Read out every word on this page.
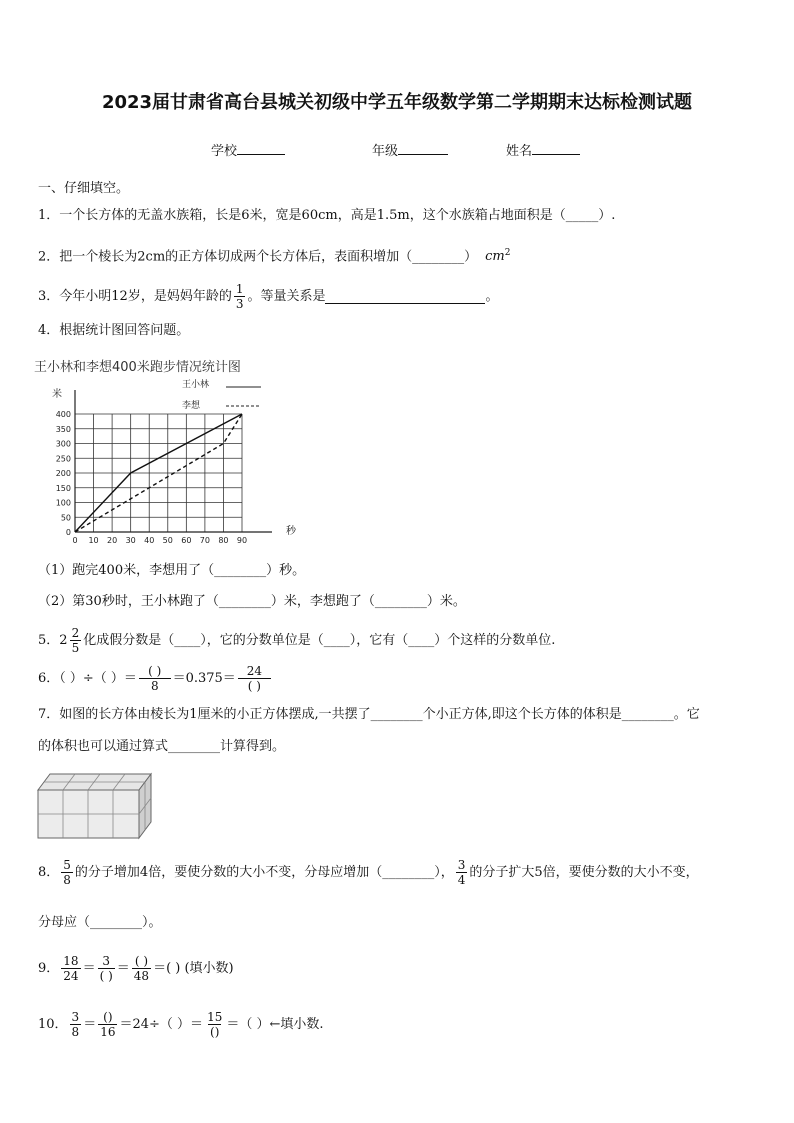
2023届甘肃省高台县城关初级中学五年级数学第二学期期末达标检测试题
学校	年级	姓名
一、仔细填空。
1．一个长方体的无盖水族箱，长是6米，宽是60cm，高是1.5m，这个水族箱占地面积是（_____）.
2．把一个棱长为2cm的正方体切成两个长方体后，表面积增加（________） $cm^2$
3．今年小明12岁，是妈妈年龄的 $\frac{1}{3}$ 。等量关系是	。
4．根据统计图回答问题。
王小林和李想400米跑步情况统计图
米
秒
王小林
李想
0 10 20 30 40 50 60 70 80 90
0
50
100
150
200
250
300
350
400
（1）跑完400米，李想用了（________）秒。
（2）第30秒时，王小林跑了（________）米，李想跑了（________）米。
5． $2 \frac{2}{5}$ 化成假分数是（____），它的分数单位是（____），它有（____）个这样的分数单位.
6．（ ）÷（ ）＝ $\frac{( )}{8} =0.375= \frac{24}{( )}$
7．如图的长方体由棱长为1厘米的小正方体摆成,一共摆了________个小正方体,即这个长方体的体积是________。它
的体积也可以通过算式________计算得到。
8． $\frac{5}{8}$ 的分子增加4倍，要使分数的大小不变，分母应增加（________）， $\frac{3}{4}$ 的分子扩大5倍，要使分数的大小不变，
分母应（________）。
9． $\frac{18}{24} = \frac{3}{( )} = \frac{( )}{48}$ ＝( ) (填小数)
10． $\frac{3}{8} = \frac{()}{16} =24\div$（ ）＝ $\frac{15}{()}$ ＝（ ）←填小数.
